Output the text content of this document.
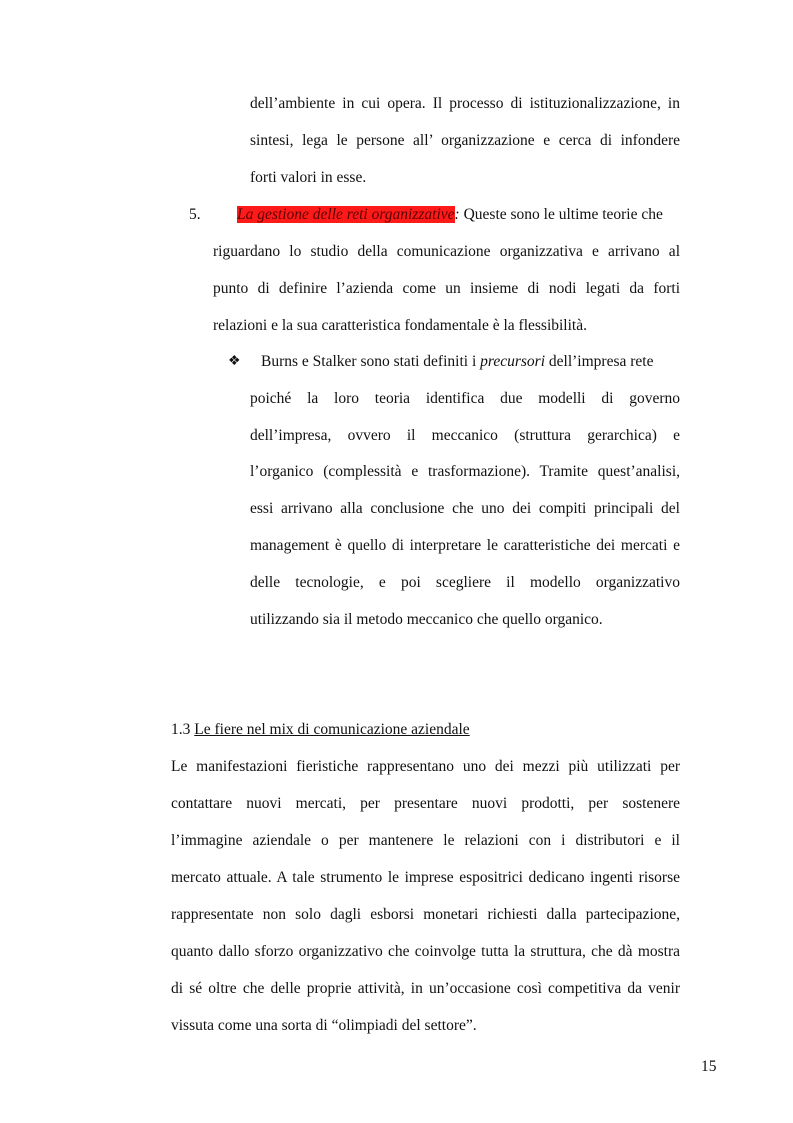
dell’ambiente in cui opera. Il processo di istituzionalizzazione, in
sintesi, lega le persone all’ organizzazione e cerca di infondere
forti valori in esse.
5. La gestione delle reti organizzative: Queste sono le ultime teorie che
riguardano lo studio della comunicazione organizzativa e arrivano al
punto di definire l’azienda come un insieme di nodi legati da forti
relazioni e la sua caratteristica fondamentale è la flessibilità.
❖ Burns e Stalker sono stati definiti i precursori dell’impresa rete
poiché la loro teoria identifica due modelli di governo
dell’impresa, ovvero il meccanico (struttura gerarchica) e
l’organico (complessità e trasformazione). Tramite quest’analisi,
essi arrivano alla conclusione che uno dei compiti principali del
management è quello di interpretare le caratteristiche dei mercati e
delle tecnologie, e poi scegliere il modello organizzativo
utilizzando sia il metodo meccanico che quello organico.
1.3 Le fiere nel mix di comunicazione aziendale
Le manifestazioni fieristiche rappresentano uno dei mezzi più utilizzati per
contattare nuovi mercati, per presentare nuovi prodotti, per sostenere
l’immagine aziendale o per mantenere le relazioni con i distributori e il
mercato attuale. A tale strumento le imprese espositrici dedicano ingenti risorse
rappresentate non solo dagli esborsi monetari richiesti dalla partecipazione,
quanto dallo sforzo organizzativo che coinvolge tutta la struttura, che dà mostra
di sé oltre che delle proprie attività, in un’occasione così competitiva da venir
vissuta come una sorta di “olimpiadi del settore”.
15
